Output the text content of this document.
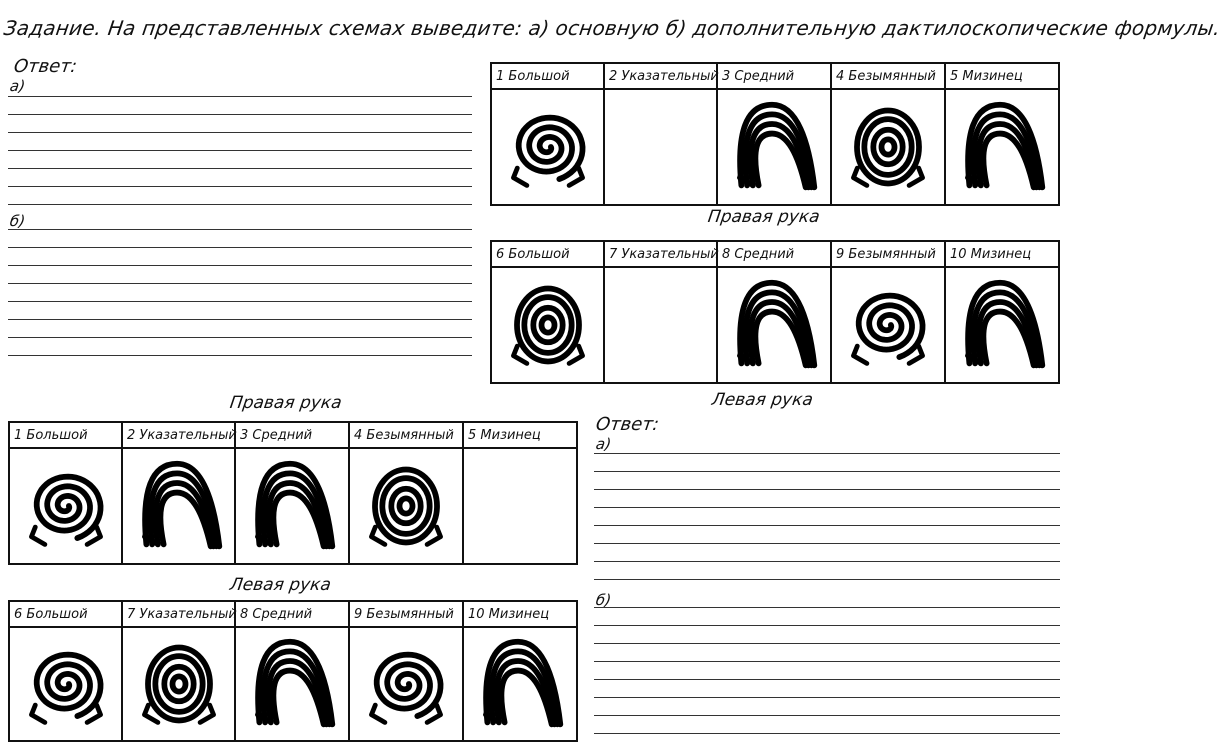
Задание. На представленных схемах выведите: а) основную б) дополнительную дактилоскопические формулы.
Ответ:
а)
б)
1 Большой	2 Указательный	3 Средний	4 Безымянный	5 Мизинец

Правая рука
6 Большой	7 Указательный	8 Средний	9 Безымянный	10 Мизинец

Левая рука
Правая рука
1 Большой	2 Указательный	3 Средний	4 Безымянный	5 Мизинец

Левая рука
6 Большой	7 Указательный	8 Средний	9 Безымянный	10 Мизинец

Ответ:
а)
б)
